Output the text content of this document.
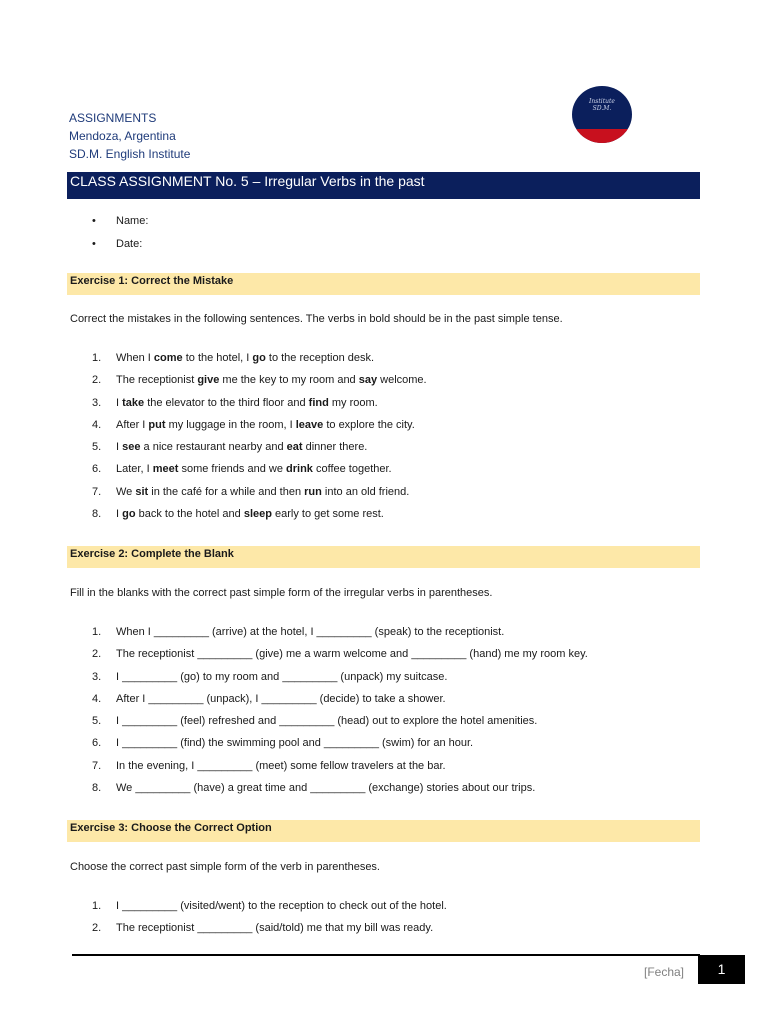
ASSIGNMENTS
Mendoza, Argentina
SD.M. English Institute
Institute
SD.M.
CLASS ASSIGNMENT No. 5 – Irregular Verbs in the past
• Name:
• Date:
Exercise 1: Correct the Mistake
Correct the mistakes in the following sentences. The verbs in bold should be in the past simple tense.
1. When I come to the hotel, I go to the reception desk.
2. The receptionist give me the key to my room and say welcome.
3. I take the elevator to the third floor and find my room.
4. After I put my luggage in the room, I leave to explore the city.
5. I see a nice restaurant nearby and eat dinner there.
6. Later, I meet some friends and we drink coffee together.
7. We sit in the café for a while and then run into an old friend.
8. I go back to the hotel and sleep early to get some rest.
Exercise 2: Complete the Blank
Fill in the blanks with the correct past simple form of the irregular verbs in parentheses.
1. When I _________ (arrive) at the hotel, I _________ (speak) to the receptionist.
2. The receptionist _________ (give) me a warm welcome and _________ (hand) me my room key.
3. I _________ (go) to my room and _________ (unpack) my suitcase.
4. After I _________ (unpack), I _________ (decide) to take a shower.
5. I _________ (feel) refreshed and _________ (head) out to explore the hotel amenities.
6. I _________ (find) the swimming pool and _________ (swim) for an hour.
7. In the evening, I _________ (meet) some fellow travelers at the bar.
8. We _________ (have) a great time and _________ (exchange) stories about our trips.
Exercise 3: Choose the Correct Option
Choose the correct past simple form of the verb in parentheses.
1. I _________ (visited/went) to the reception to check out of the hotel.
2. The receptionist _________ (said/told) me that my bill was ready.
[Fecha]	1
